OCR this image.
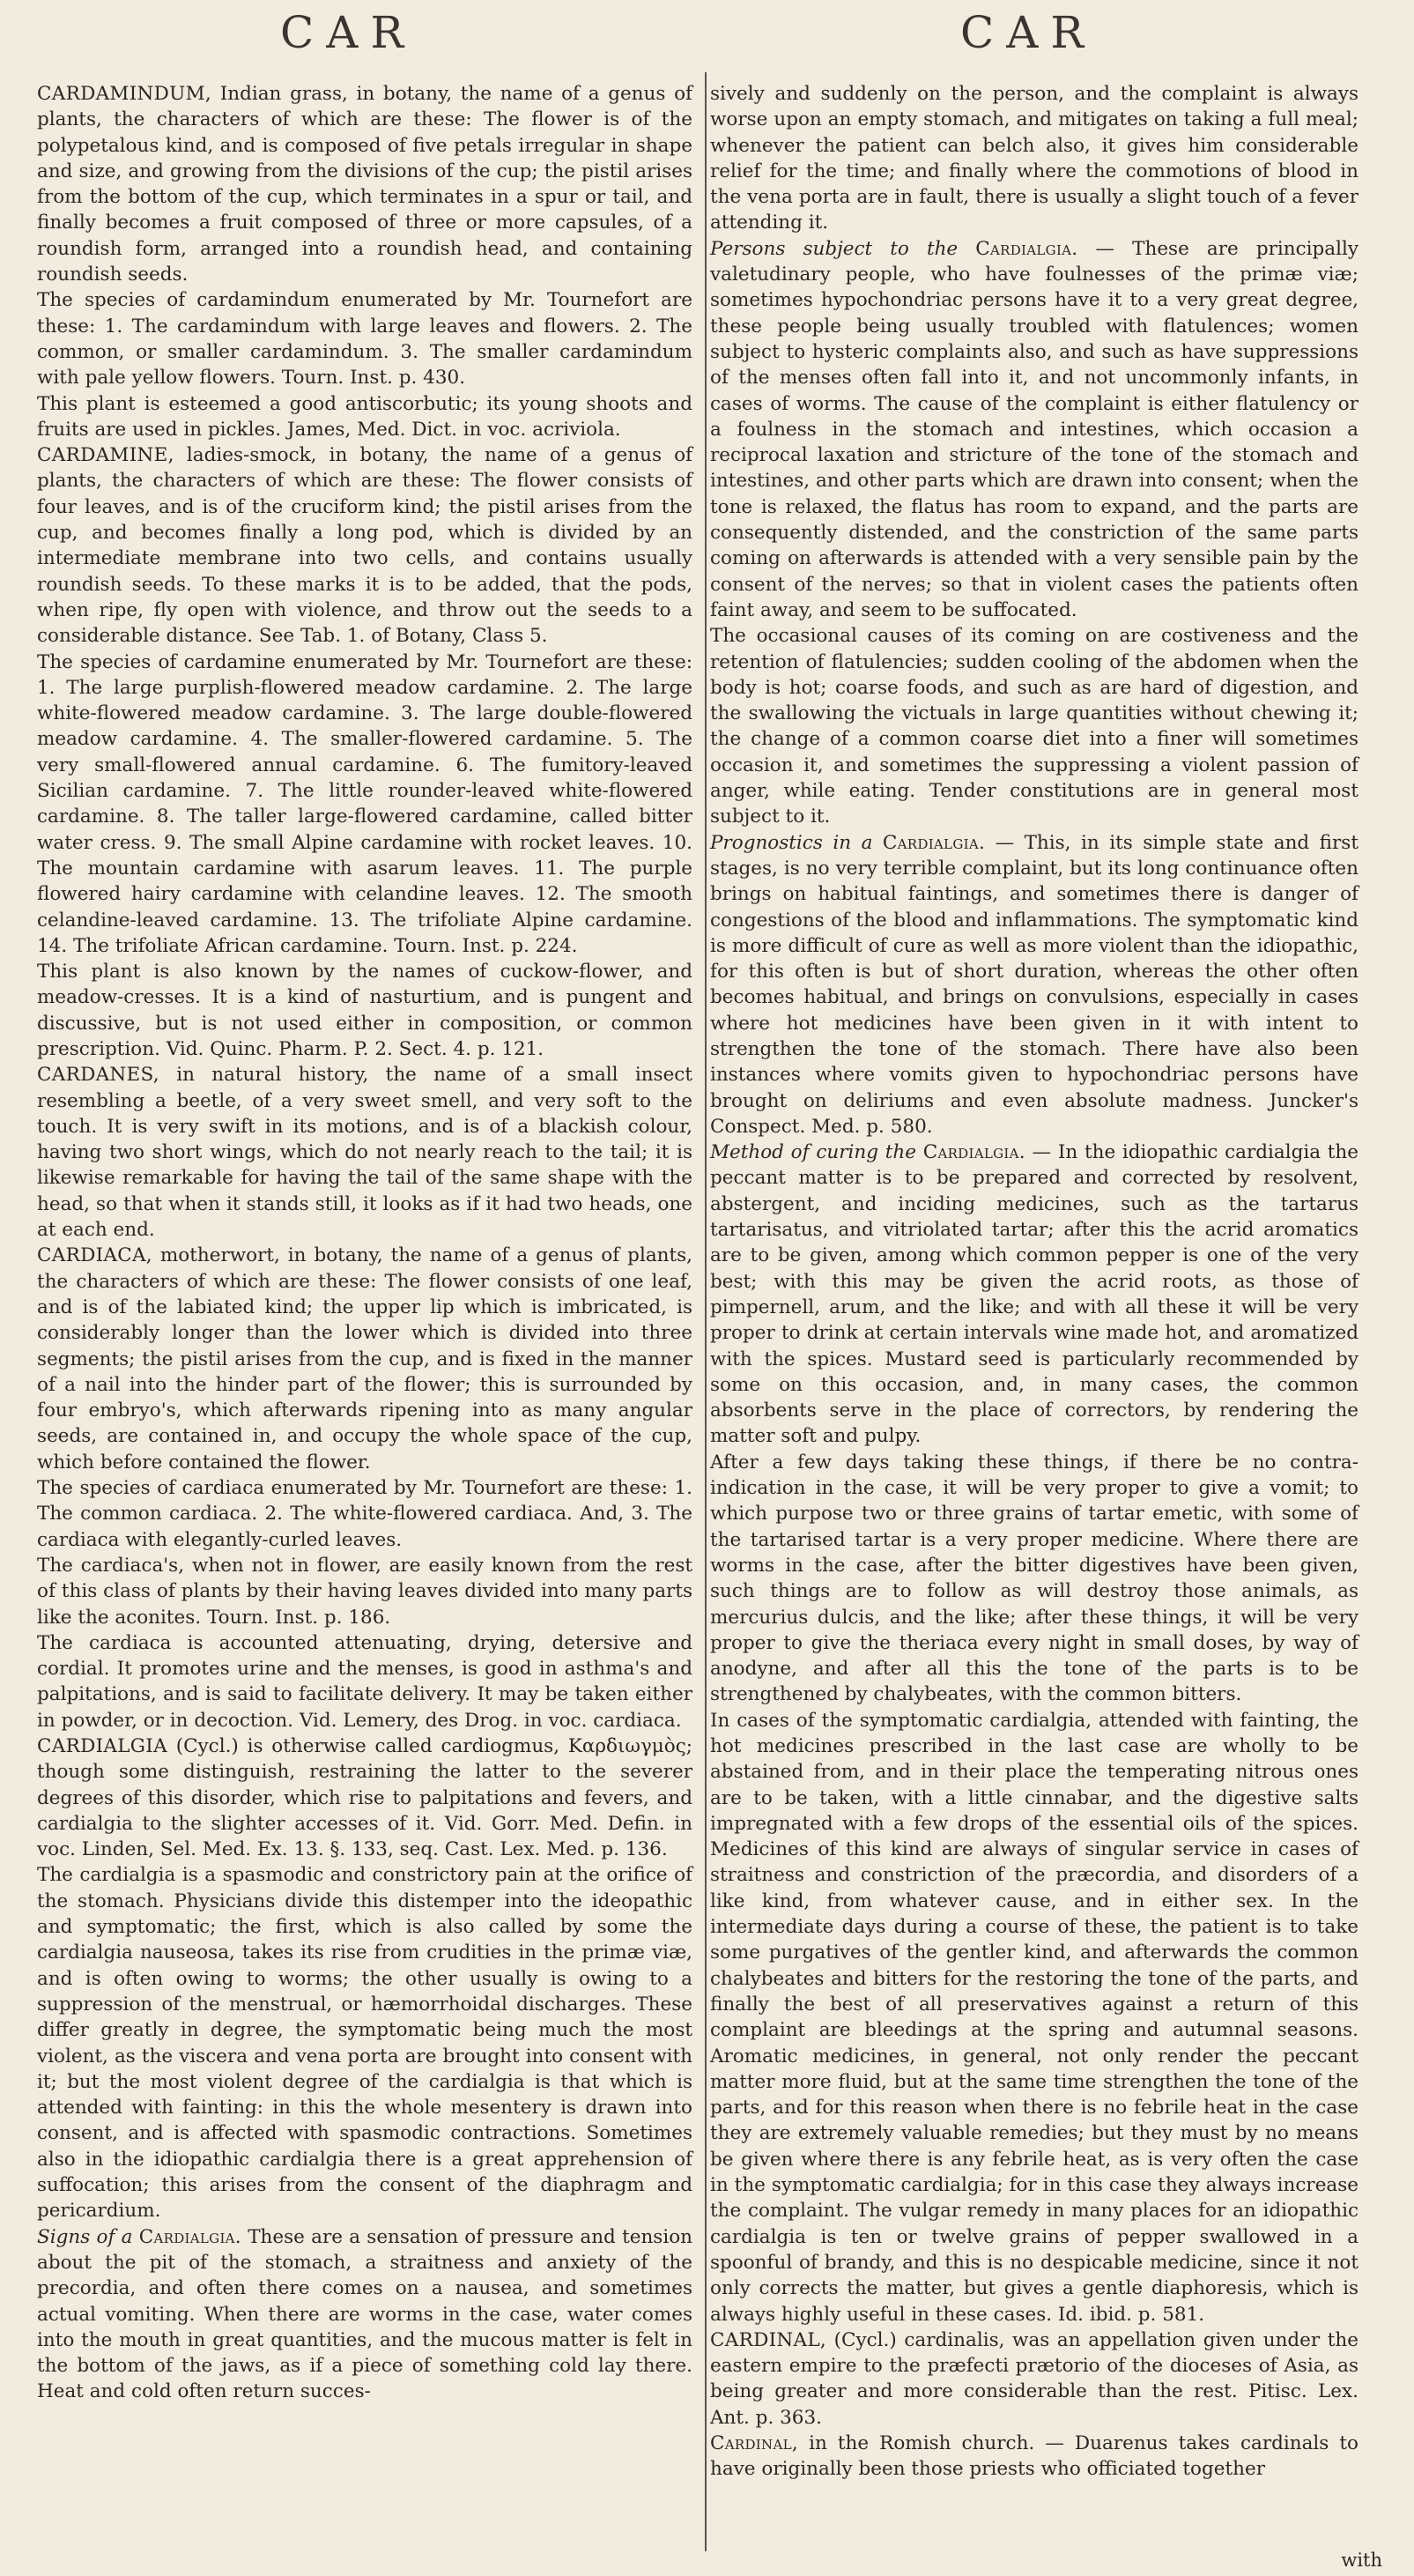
CAR	CAR

CARDAMINDUM, Indian grass, in botany, the name of a genus of plants, the characters of which are these: The flower is of the polypetalous kind, and is composed of five petals irregular in shape and size, and growing from the divisions of the cup; the pistil arises from the bottom of the cup, which terminates in a spur or tail, and finally becomes a fruit composed of three or more capsules, of a roundish form, arranged into a roundish head, and containing roundish seeds.

The species of cardamindum enumerated by Mr. Tournefort are these: 1. The cardamindum with large leaves and flowers. 2. The common, or smaller cardamindum. 3. The smaller cardamindum with pale yellow flowers. Tourn. Inst. p. 430.

This plant is esteemed a good antiscorbutic; its young shoots and fruits are used in pickles. James, Med. Dict. in voc. acriviola.

CARDAMINE, ladies-smock, in botany, the name of a genus of plants, the characters of which are these: The flower consists of four leaves, and is of the cruciform kind; the pistil arises from the cup, and becomes finally a long pod, which is divided by an intermediate membrane into two cells, and contains usually roundish seeds. To these marks it is to be added, that the pods, when ripe, fly open with violence, and throw out the seeds to a considerable distance. See Tab. 1. of Botany, Class 5.

The species of cardamine enumerated by Mr. Tournefort are these: 1. The large purplish-flowered meadow cardamine. 2. The large white-flowered meadow cardamine. 3. The large double-flowered meadow cardamine. 4. The smaller-flowered cardamine. 5. The very small-flowered annual cardamine. 6. The fumitory-leaved Sicilian cardamine. 7. The little rounder-leaved white-flowered cardamine. 8. The taller large-flowered cardamine, called bitter water cress. 9. The small Alpine cardamine with rocket leaves. 10. The mountain cardamine with asarum leaves. 11. The purple flowered hairy cardamine with celandine leaves. 12. The smooth celandine-leaved cardamine. 13. The trifoliate Alpine cardamine. 14. The trifoliate African cardamine. Tourn. Inst. p. 224.

This plant is also known by the names of cuckow-flower, and meadow-cresses. It is a kind of nasturtium, and is pungent and discussive, but is not used either in composition, or common prescription. Vid. Quinc. Pharm. P. 2. Sect. 4. p. 121.

CARDANES, in natural history, the name of a small insect resembling a beetle, of a very sweet smell, and very soft to the touch. It is very swift in its motions, and is of a blackish colour, having two short wings, which do not nearly reach to the tail; it is likewise remarkable for having the tail of the same shape with the head, so that when it stands still, it looks as if it had two heads, one at each end.

CARDIACA, motherwort, in botany, the name of a genus of plants, the characters of which are these: The flower consists of one leaf, and is of the labiated kind; the upper lip which is imbricated, is considerably longer than the lower which is divided into three segments; the pistil arises from the cup, and is fixed in the manner of a nail into the hinder part of the flower; this is surrounded by four embryo's, which afterwards ripening into as many angular seeds, are contained in, and occupy the whole space of the cup, which before contained the flower.

The species of cardiaca enumerated by Mr. Tournefort are these: 1. The common cardiaca. 2. The white-flowered cardiaca. And, 3. The cardiaca with elegantly-curled leaves.

The cardiaca's, when not in flower, are easily known from the rest of this class of plants by their having leaves divided into many parts like the aconites. Tourn. Inst. p. 186.

The cardiaca is accounted attenuating, drying, detersive and cordial. It promotes urine and the menses, is good in asthma's and palpitations, and is said to facilitate delivery. It may be taken either in powder, or in decoction. Vid. Lemery, des Drog. in voc. cardiaca.

CARDIALGIA (Cycl.) is otherwise called cardiogmus, Καρδιωγμὸς; though some distinguish, restraining the latter to the severer degrees of this disorder, which rise to palpitations and fevers, and cardialgia to the slighter accesses of it. Vid. Gorr. Med. Defin. in voc. Linden, Sel. Med. Ex. 13. §. 133, seq. Cast. Lex. Med. p. 136.

The cardialgia is a spasmodic and constrictory pain at the orifice of the stomach. Physicians divide this distemper into the ideopathic and symptomatic; the first, which is also called by some the cardialgia nauseosa, takes its rise from crudities in the primæ viæ, and is often owing to worms; the other usually is owing to a suppression of the menstrual, or hæmorrhoidal discharges. These differ greatly in degree, the symptomatic being much the most violent, as the viscera and vena porta are brought into consent with it; but the most violent degree of the cardialgia is that which is attended with fainting: in this the whole mesentery is drawn into consent, and is affected with spasmodic contractions. Sometimes also in the idiopathic cardialgia there is a great apprehension of suffocation; this arises from the consent of the diaphragm and pericardium.

Signs of a Cardialgia. These are a sensation of pressure and tension about the pit of the stomach, a straitness and anxiety of the precordia, and often there comes on a nausea, and sometimes actual vomiting. When there are worms in the case, water comes into the mouth in great quantities, and the mucous matter is felt in the bottom of the jaws, as if a piece of something cold lay there. Heat and cold often return succes-

sively and suddenly on the person, and the complaint is always worse upon an empty stomach, and mitigates on taking a full meal; whenever the patient can belch also, it gives him considerable relief for the time; and finally where the commotions of blood in the vena porta are in fault, there is usually a slight touch of a fever attending it.

Persons subject to the Cardialgia. — These are principally valetudinary people, who have foulnesses of the primæ viæ; sometimes hypochondriac persons have it to a very great degree, these people being usually troubled with flatulences; women subject to hysteric complaints also, and such as have suppressions of the menses often fall into it, and not uncommonly infants, in cases of worms. The cause of the complaint is either flatulency or a foulness in the stomach and intestines, which occasion a reciprocal laxation and stricture of the tone of the stomach and intestines, and other parts which are drawn into consent; when the tone is relaxed, the flatus has room to expand, and the parts are consequently distended, and the constriction of the same parts coming on afterwards is attended with a very sensible pain by the consent of the nerves; so that in violent cases the patients often faint away, and seem to be suffocated.

The occasional causes of its coming on are costiveness and the retention of flatulencies; sudden cooling of the abdomen when the body is hot; coarse foods, and such as are hard of digestion, and the swallowing the victuals in large quantities without chewing it; the change of a common coarse diet into a finer will sometimes occasion it, and sometimes the suppressing a violent passion of anger, while eating. Tender constitutions are in general most subject to it.

Prognostics in a Cardialgia. — This, in its simple state and first stages, is no very terrible complaint, but its long continuance often brings on habitual faintings, and sometimes there is danger of congestions of the blood and inflammations. The symptomatic kind is more difficult of cure as well as more violent than the idiopathic, for this often is but of short duration, whereas the other often becomes habitual, and brings on convulsions, especially in cases where hot medicines have been given in it with intent to strengthen the tone of the stomach. There have also been instances where vomits given to hypochondriac persons have brought on deliriums and even absolute madness. Juncker's Conspect. Med. p. 580.

Method of curing the Cardialgia. — In the idiopathic cardialgia the peccant matter is to be prepared and corrected by resolvent, abstergent, and inciding medicines, such as the tartarus tartarisatus, and vitriolated tartar; after this the acrid aromatics are to be given, among which common pepper is one of the very best; with this may be given the acrid roots, as those of pimpernell, arum, and the like; and with all these it will be very proper to drink at certain intervals wine made hot, and aromatized with the spices. Mustard seed is particularly recommended by some on this occasion, and, in many cases, the common absorbents serve in the place of correctors, by rendering the matter soft and pulpy.

After a few days taking these things, if there be no contra-indication in the case, it will be very proper to give a vomit; to which purpose two or three grains of tartar emetic, with some of the tartarised tartar is a very proper medicine. Where there are worms in the case, after the bitter digestives have been given, such things are to follow as will destroy those animals, as mercurius dulcis, and the like; after these things, it will be very proper to give the theriaca every night in small doses, by way of anodyne, and after all this the tone of the parts is to be strengthened by chalybeates, with the common bitters.

In cases of the symptomatic cardialgia, attended with fainting, the hot medicines prescribed in the last case are wholly to be abstained from, and in their place the temperating nitrous ones are to be taken, with a little cinnabar, and the digestive salts impregnated with a few drops of the essential oils of the spices. Medicines of this kind are always of singular service in cases of straitness and constriction of the præcordia, and disorders of a like kind, from whatever cause, and in either sex. In the intermediate days during a course of these, the patient is to take some purgatives of the gentler kind, and afterwards the common chalybeates and bitters for the restoring the tone of the parts, and finally the best of all preservatives against a return of this complaint are bleedings at the spring and autumnal seasons. Aromatic medicines, in general, not only render the peccant matter more fluid, but at the same time strengthen the tone of the parts, and for this reason when there is no febrile heat in the case they are extremely valuable remedies; but they must by no means be given where there is any febrile heat, as is very often the case in the symptomatic cardialgia; for in this case they always increase the complaint. The vulgar remedy in many places for an idiopathic cardialgia is ten or twelve grains of pepper swallowed in a spoonful of brandy, and this is no despicable medicine, since it not only corrects the matter, but gives a gentle diaphoresis, which is always highly useful in these cases. Id. ibid. p. 581.

CARDINAL, (Cycl.) cardinalis, was an appellation given under the eastern empire to the præfecti prætorio of the dioceses of Asia, as being greater and more considerable than the rest. Pitisc. Lex. Ant. p. 363.

Cardinal, in the Romish church. — Duarenus takes cardinals to have originally been those priests who officiated together

with
